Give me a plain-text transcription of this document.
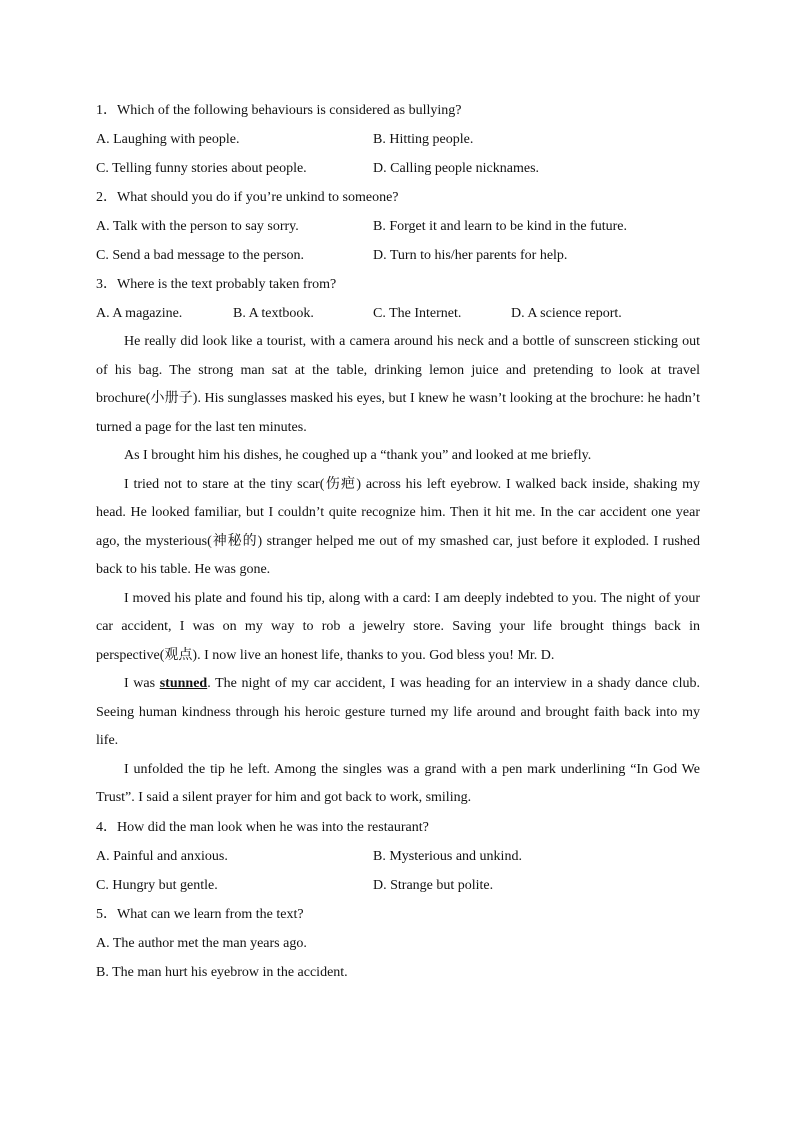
1．Which of the following behaviours is considered as bullying?

A. Laughing with people.	B. Hitting people.
C. Telling funny stories about people.	D. Calling people nicknames.

2．What should you do if you’re unkind to someone?

A. Talk with the person to say sorry.	B. Forget it and learn to be kind in the future.
C. Send a bad message to the person.	D. Turn to his/her parents for help.

3．Where is the text probably taken from?

A. A magazine.	B. A textbook.	C. The Internet.	D. A science report.

He really did look like a tourist, with a camera around his neck and a bottle of sunscreen sticking out of his bag. The strong man sat at the table, drinking lemon juice and pretending to look at travel brochure(小册子). His sunglasses masked his eyes, but I knew he wasn’t looking at the brochure: he hadn’t turned a page for the last ten minutes.

As I brought him his dishes, he coughed up a “thank you” and looked at me briefly.

I tried not to stare at the tiny scar(伤疤) across his left eyebrow. I walked back inside, shaking my head. He looked familiar, but I couldn’t quite recognize him. Then it hit me. In the car accident one year ago, the mysterious(神秘的) stranger helped me out of my smashed car, just before it exploded. I rushed back to his table. He was gone.

I moved his plate and found his tip, along with a card: I am deeply indebted to you. The night of your car accident, I was on my way to rob a jewelry store. Saving your life brought things back in perspective(观点). I now live an honest life, thanks to you. God bless you! Mr. D.

I was stunned. The night of my car accident, I was heading for an interview in a shady dance club. Seeing human kindness through his heroic gesture turned my life around and brought faith back into my life.

I unfolded the tip he left. Among the singles was a grand with a pen mark underlining “In God We Trust”. I said a silent prayer for him and got back to work, smiling.

4．How did the man look when he was into the restaurant?

A. Painful and anxious.	B. Mysterious and unkind.
C. Hungry but gentle.	D. Strange but polite.

5．What can we learn from the text?

A. The author met the man years ago.

B. The man hurt his eyebrow in the accident.
